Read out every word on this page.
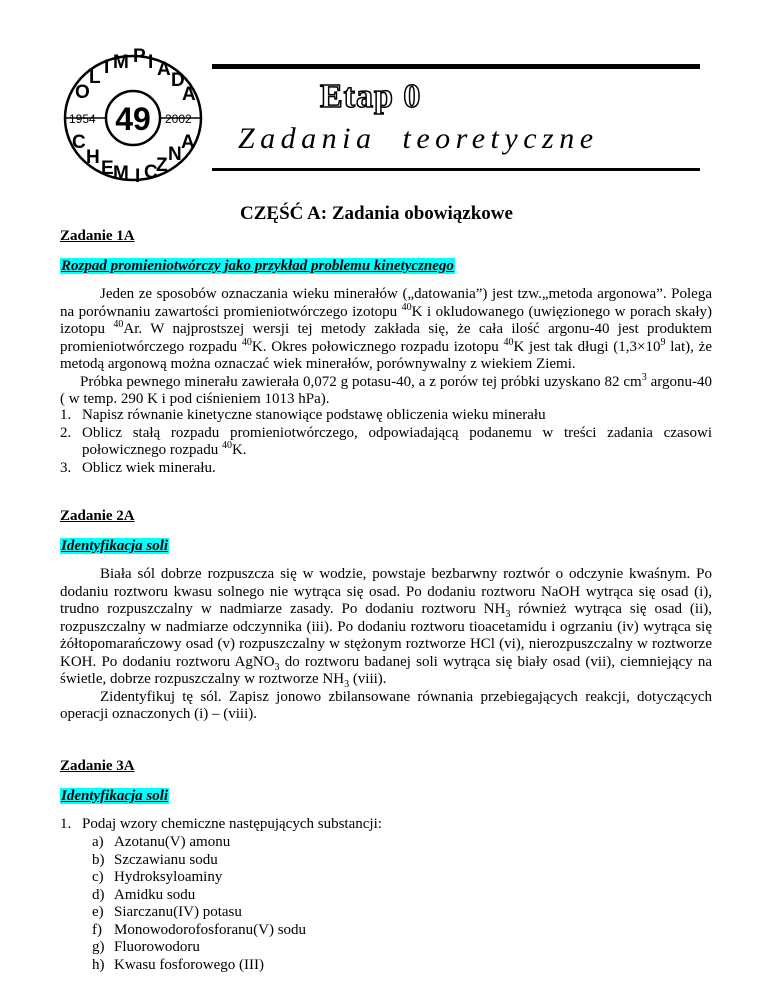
O
L I M P I A
D
A
C
H
E M I C
Z
N
A
49
1954	2002
Etap 0
Zadania  teoretyczne
CZĘŚĆ A: Zadania obowiązkowe
Zadanie 1A
Rozpad promieniotwórczy jako przykład problemu kinetycznego

Jeden ze sposobów oznaczania wieku minerałów („datowania”) jest tzw.„metoda argonowa”. Polega na porównaniu zawartości promieniotwórczego izotopu $^{40}$K i okludowanego (uwięzionego w porach skały) izotopu $^{40}$Ar. W najprostszej wersji tej metody zakłada się, że cała ilość argonu-40 jest produktem promieniotwórczego rozpadu $^{40}$K. Okres połowicznego rozpadu izotopu $^{40}$K jest tak długi ($1,3\times 10^9$ lat), że metodą argonową można oznaczać wiek minerałów, porównywalny z wiekiem Ziemi.

Próbka pewnego minerału zawierała 0,072 g potasu-40, a z porów tej próbki uzyskano 82 $cm^3$ argonu-40 ( w temp. 290 K i pod ciśnieniem 1013 hPa).

1. Napisz równanie kinetyczne stanowiące podstawę obliczenia wieku minerału
2. Oblicz stałą rozpadu promieniotwórczego, odpowiadającą podanemu w treści zadania czasowi połowicznego rozpadu $^{40}$K.
3. Oblicz wiek minerału.
Zadanie 2A
Identyfikacja soli

Biała sól dobrze rozpuszcza się w wodzie, powstaje bezbarwny roztwór o odczynie kwaśnym. Po dodaniu roztworu kwasu solnego nie wytrąca się osad. Po dodaniu roztworu NaOH wytrąca się osad (i), trudno rozpuszczalny w nadmiarze zasady. Po dodaniu roztworu $NH_3$ również wytrąca się osad (ii), rozpuszczalny w nadmiarze odczynnika (iii). Po dodaniu roztworu tioacetamidu i ogrzaniu (iv) wytrąca się żółtopomarańczowy osad (v) rozpuszczalny w stężonym roztworze HCl (vi), nierozpuszczalny w roztworze KOH. Po dodaniu roztworu AgNO$_3$ do roztworu badanej soli wytrąca się biały osad (vii), ciemniejący na świetle, dobrze rozpuszczalny w roztworze $NH_3$ (viii).

Zidentyfikuj tę sól. Zapisz jonowo zbilansowane równania przebiegających reakcji, dotyczących operacji oznaczonych (i) – (viii).

Zadanie 3A
Identyfikacja soli
1. Podaj wzory chemiczne następujących substancji:
a) Azotanu(V) amonu
b) Szczawianu sodu
c) Hydroksyloaminy
d) Amidku sodu
e) Siarczanu(IV) potasu
f) Monowodorofosforanu(V) sodu
g) Fluorowodoru
h) Kwasu fosforowego (III)
